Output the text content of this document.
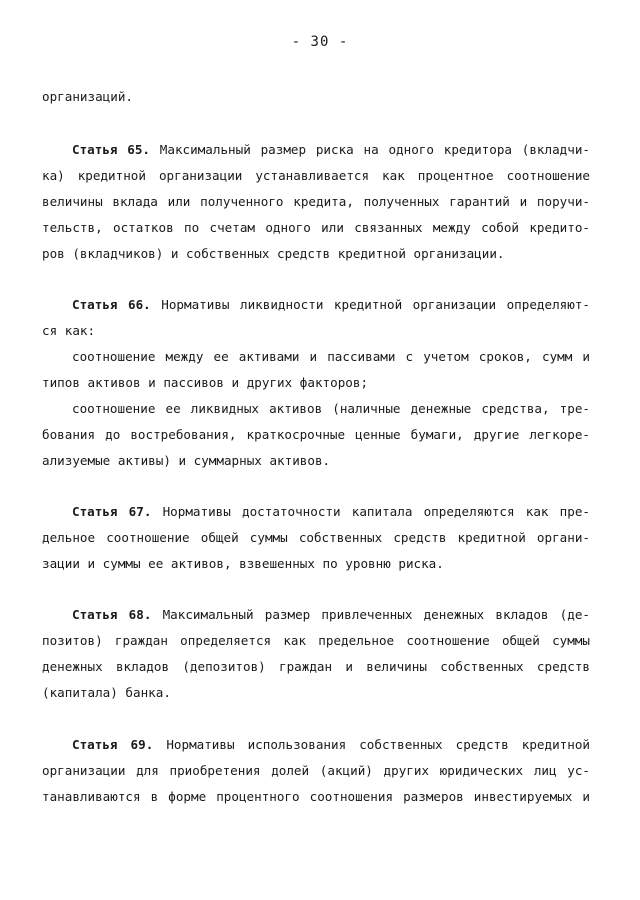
- 30 -
организаций.
Статья 65. Максимальный размер риска на одного кредитора (вкладчи-
ка) кредитной организации устанавливается как процентное соотношение
величины вклада или полученного кредита, полученных гарантий и поручи-
тельств, остатков по счетам одного или связанных между собой кредито-
ров (вкладчиков) и собственных средств кредитной организации.
Статья 66. Нормативы ликвидности кредитной организации определяют-
ся как:
соотношение между ее активами и пассивами с учетом сроков, сумм и
типов активов и пассивов и других факторов;
соотношение ее ликвидных активов (наличные денежные средства, тре-
бования до востребования, краткосрочные ценные бумаги, другие легкоре-
ализуемые активы) и суммарных активов.
Статья 67. Нормативы достаточности капитала определяются как пре-
дельное соотношение общей суммы собственных средств кредитной органи-
зации и суммы ее активов, взвешенных по уровню риска.
Статья 68. Максимальный размер привлеченных денежных вкладов (де-
позитов) граждан определяется как предельное соотношение общей суммы
денежных вкладов (депозитов) граждан и величины собственных средств
(капитала) банка.
Статья 69. Нормативы использования собственных средств кредитной
организации для приобретения долей (акций) других юридических лиц ус-
танавливаются в форме процентного соотношения размеров инвестируемых и
